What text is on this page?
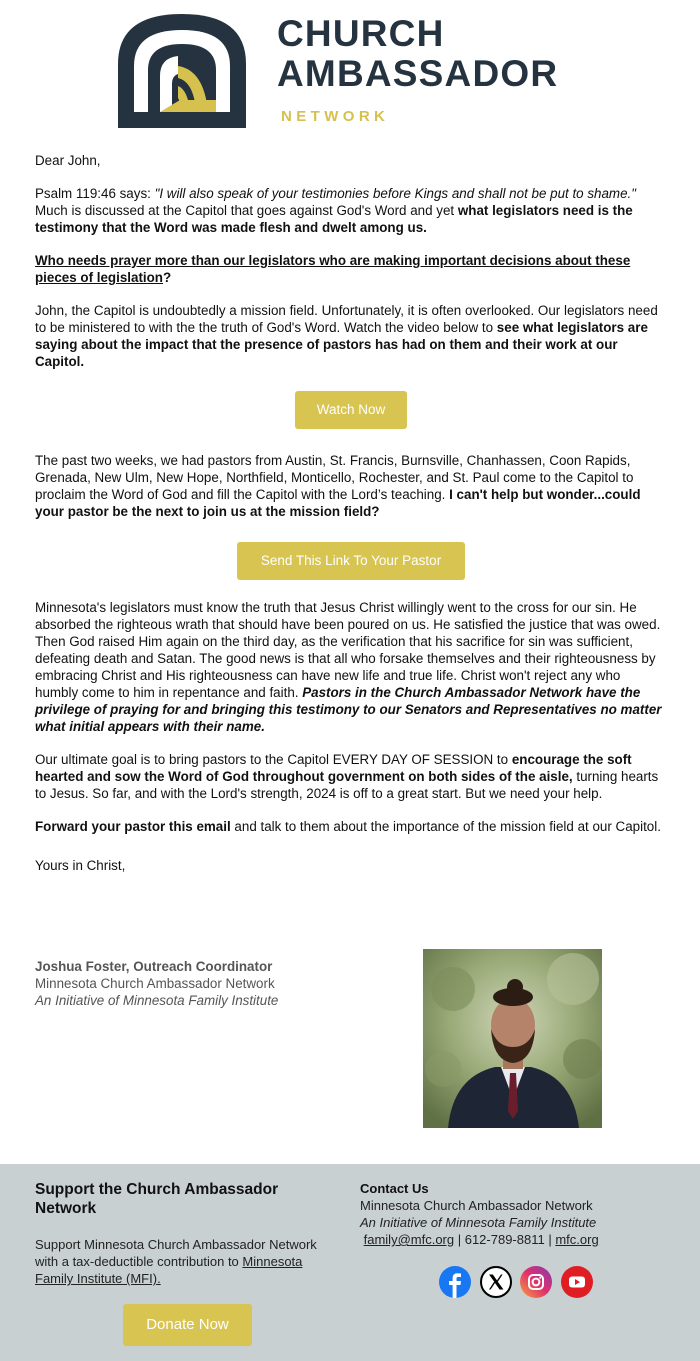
CHURCH
AMBASSADOR
NETWORK

Dear John,

Psalm 119:46 says: "I will also speak of your testimonies before Kings and shall not be put to shame." Much is discussed at the Capitol that goes against God's Word and yet what legislators need is the testimony that the Word was made flesh and dwelt among us.

Who needs prayer more than our legislators who are making important decisions about these pieces of legislation?

John, the Capitol is undoubtedly a mission field. Unfortunately, it is often overlooked. Our legislators need to be ministered to with the the truth of God's Word. Watch the video below to see what legislators are saying about the impact that the presence of pastors has had on them and their work at our Capitol.

Watch Now

The past two weeks, we had pastors from Austin, St. Francis, Burnsville, Chanhassen, Coon Rapids, Grenada, New Ulm, New Hope, Northfield, Monticello, Rochester, and St. Paul come to the Capitol to proclaim the Word of God and fill the Capitol with the Lord’s teaching. I can't help but wonder...could your pastor be the next to join us at the mission field?

Send This Link To Your Pastor

Minnesota's legislators must know the truth that Jesus Christ willingly went to the cross for our sin. He absorbed the righteous wrath that should have been poured on us. He satisfied the justice that was owed. Then God raised Him again on the third day, as the verification that his sacrifice for sin was sufficient, defeating death and Satan. The good news is that all who forsake themselves and their righteousness by embracing Christ and His righteousness can have new life and true life. Christ won't reject any who humbly come to him in repentance and faith. Pastors in the Church Ambassador Network have the privilege of praying for and bringing this testimony to our Senators and Representatives no matter what initial appears with their name.

Our ultimate goal is to bring pastors to the Capitol EVERY DAY OF SESSION to encourage the soft hearted and sow the Word of God throughout government on both sides of the aisle, turning hearts to Jesus. So far, and with the Lord's strength, 2024 is off to a great start. But we need your help.

Forward your pastor this email and talk to them about the importance of the mission field at our Capitol.

Yours in Christ,

Joshua Foster, Outreach Coordinator
Minnesota Church Ambassador Network
An Initiative of Minnesota Family Institute
Support the Church Ambassador Network
Support Minnesota Church Ambassador Network with a tax-deductible contribution to Minnesota Family Institute (MFI).
Donate Now
Contact Us
Minnesota Church Ambassador Network
An Initiative of Minnesota Family Institute
family@mfc.org | 612-789-8811 | mfc.org
